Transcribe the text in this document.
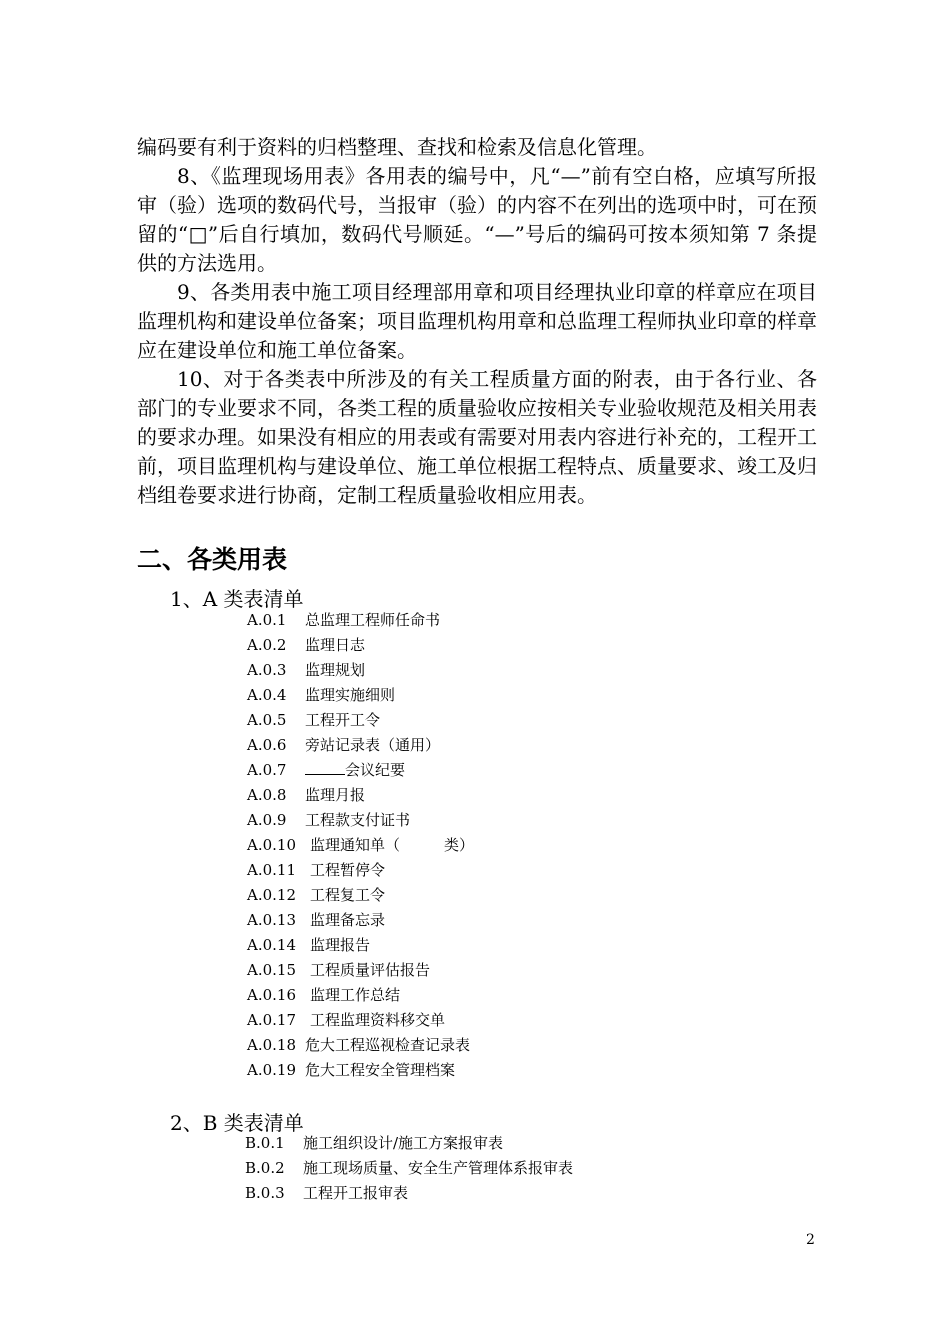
编码要有利于资料的归档整理、查找和检索及信息化管理。

8、《监理现场用表》各用表的编号中，凡“—”前有空白格，应填写所报审（验）选项的数码代号，当报审（验）的内容不在列出的选项中时，可在预留的“□”后自行填加，数码代号顺延。“—”号后的编码可按本须知第 7 条提供的方法选用。

9、各类用表中施工项目经理部用章和项目经理执业印章的样章应在项目监理机构和建设单位备案；项目监理机构用章和总监理工程师执业印章的样章应在建设单位和施工单位备案。

10、对于各类表中所涉及的有关工程质量方面的附表，由于各行业、各部门的专业要求不同，各类工程的质量验收应按相关专业验收规范及相关用表的要求办理。如果没有相应的用表或有需要对用表内容进行补充的，工程开工前，项目监理机构与建设单位、施工单位根据工程特点、质量要求、竣工及归档组卷要求进行协商，定制工程质量验收相应用表。

二、各类用表
1、A 类表清单
A.0.1 总监理工程师任命书
A.0.2 监理日志
A.0.3 监理规划
A.0.4 监理实施细则
A.0.5 工程开工令
A.0.6 旁站记录表（通用）
A.0.7	会议纪要
A.0.8 监理月报
A.0.9 工程款支付证书
A.0.10 监理通知单（	类）
A.0.11 工程暂停令
A.0.12 工程复工令
A.0.13 监理备忘录
A.0.14 监理报告
A.0.15 工程质量评估报告
A.0.16 监理工作总结
A.0.17 工程监理资料移交单
A.0.18 危大工程巡视检查记录表
A.0.19 危大工程安全管理档案
2、B 类表清单
B.0.1 施工组织设计/施工方案报审表
B.0.2 施工现场质量、安全生产管理体系报审表
B.0.3 工程开工报审表
2
